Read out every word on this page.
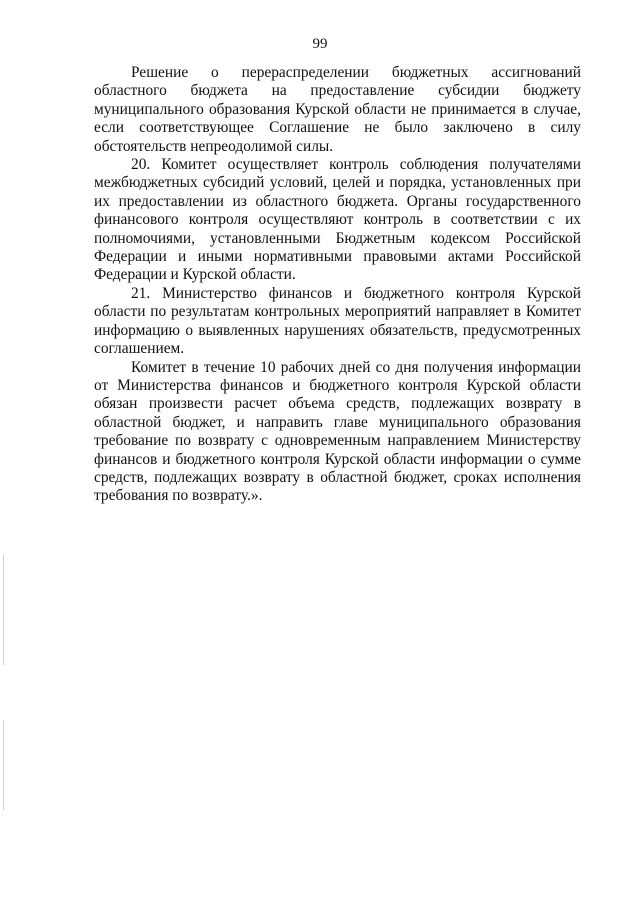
99

Решение о перераспределении бюджетных ассигнований областного бюджета на предоставление субсидии бюджету муниципального образования Курской области не принимается в случае, если соответствующее Соглашение не было заключено в силу обстоятельств непреодолимой силы.

20. Комитет осуществляет контроль соблюдения получателями межбюджетных субсидий условий, целей и порядка, установленных при их предоставлении из областного бюджета. Органы государственного финансового контроля осуществляют контроль в соответствии с их полномочиями, установленными Бюджетным кодексом Российской Федерации и иными нормативными правовыми актами Российской Федерации и Курской области.

21. Министерство финансов и бюджетного контроля Курской области по результатам контрольных мероприятий направляет в Комитет информацию о выявленных нарушениях обязательств, предусмотренных соглашением.

Комитет в течение 10 рабочих дней со дня получения информации от Министерства финансов и бюджетного контроля Курской области обязан произвести расчет объема средств, подлежащих возврату в областной бюджет, и направить главе муниципального образования требование по возврату с одновременным направлением Министерству финансов и бюджетного контроля Курской области информации о сумме средств, подлежащих возврату в областной бюджет, сроках исполнения требования по возврату.».
